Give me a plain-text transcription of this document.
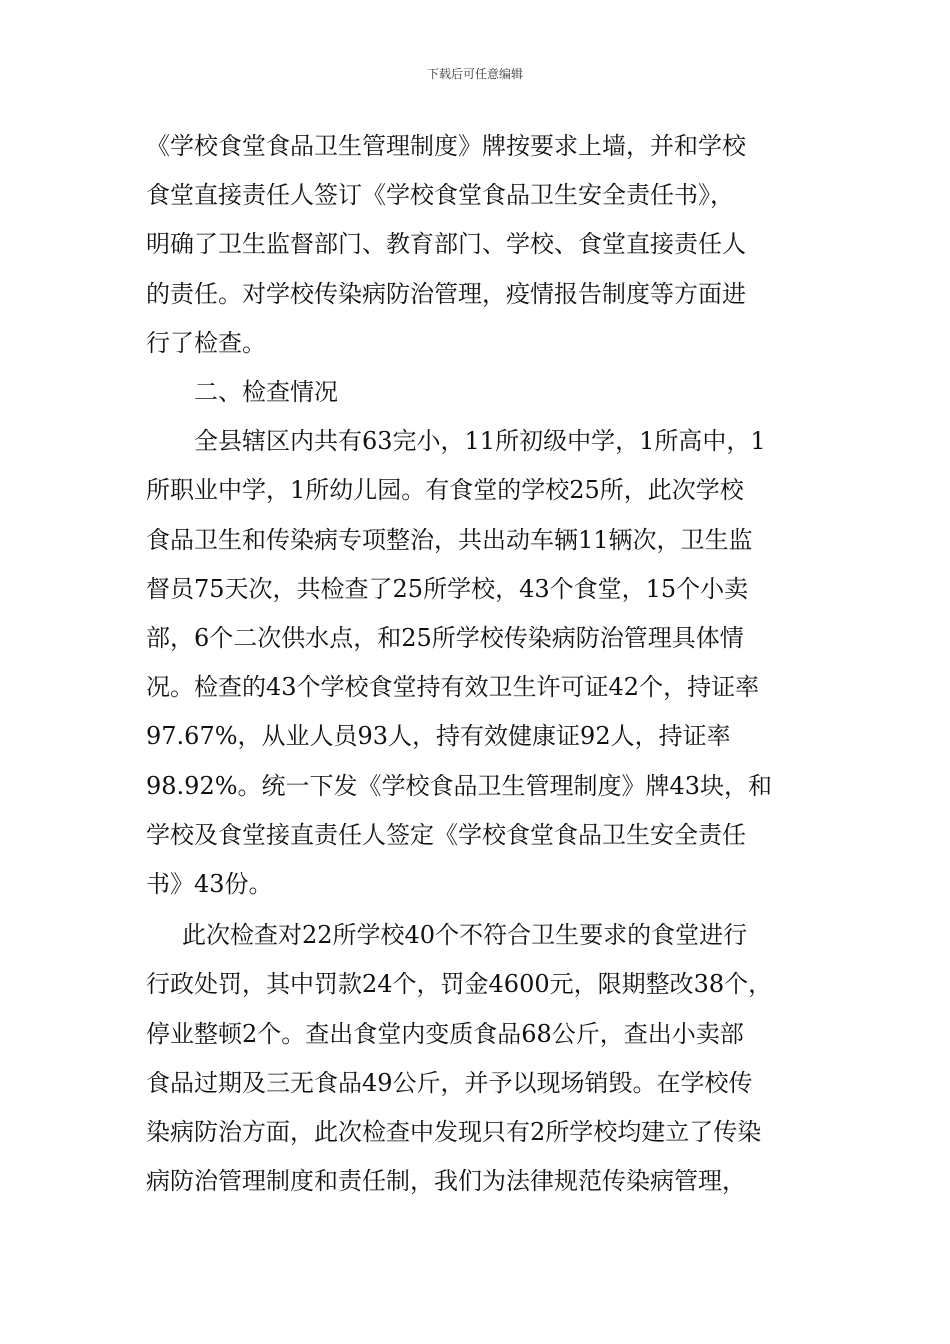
下载后可任意编辑
《学校食堂食品卫生管理制度》牌按要求上墙，并和学校
食堂直接责任人签订《学校食堂食品卫生安全责任书》，
明确了卫生监督部门、教育部门、学校、食堂直接责任人
的责任。对学校传染病防治管理，疫情报告制度等方面进
行了检查。
二、检查情况
全县辖区内共有63完小，11所初级中学，1所高中，1
所职业中学，1所幼儿园。有食堂的学校25所，此次学校
食品卫生和传染病专项整治，共出动车辆11辆次，卫生监
督员75天次，共检查了25所学校，43个食堂，15个小卖
部，6个二次供水点，和25所学校传染病防治管理具体情
况。检查的43个学校食堂持有效卫生许可证42个，持证率
97.67%，从业人员93人，持有效健康证92人，持证率
98.92%。统一下发《学校食品卫生管理制度》牌43块，和
学校及食堂接直责任人签定《学校食堂食品卫生安全责任
书》43份。
此次检查对22所学校40个不符合卫生要求的食堂进行
行政处罚，其中罚款24个，罚金4600元，限期整改38个，
停业整顿2个。查出食堂内变质食品68公斤，查出小卖部
食品过期及三无食品49公斤，并予以现场销毁。在学校传
染病防治方面，此次检查中发现只有2所学校均建立了传染
病防治管理制度和责任制，我们为法律规范传染病管理，
